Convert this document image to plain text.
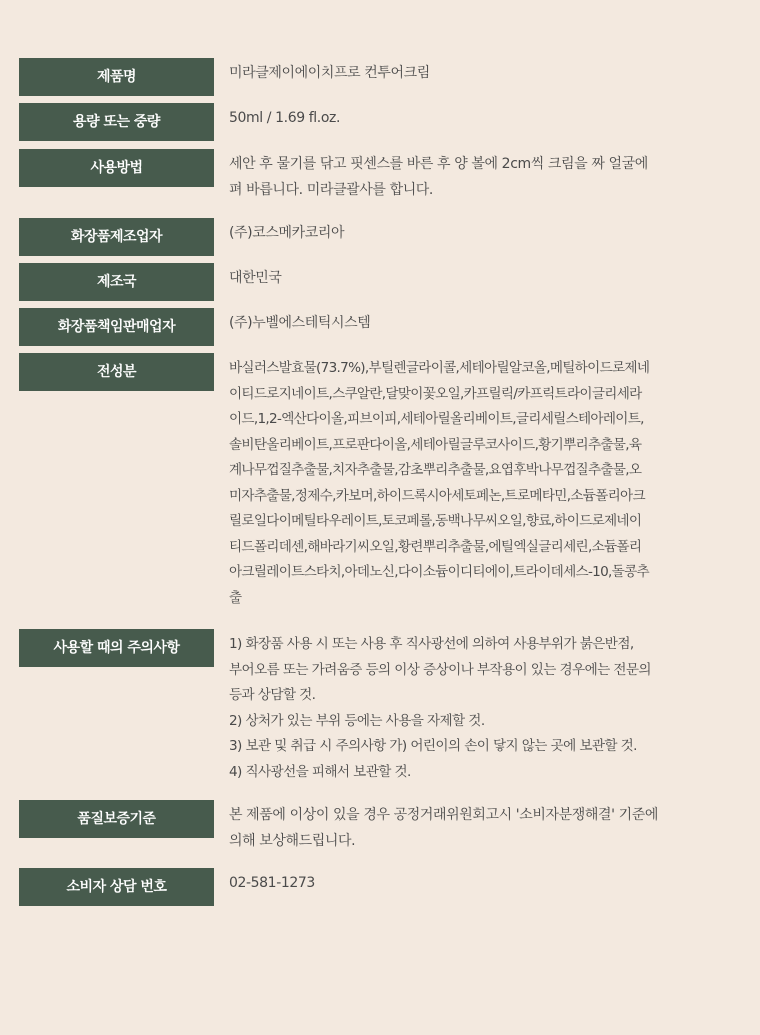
제품명	미라클제이에이치프로 컨투어크림
용량 또는 중량	50ml / 1.69 fl.oz.
사용방법	세안 후 물기를 닦고 핏센스를 바른 후 양 볼에 2cm씩 크림을 짜 얼굴에
펴 바릅니다. 미라클괄사를 합니다.
화장품제조업자	(주)코스메카코리아
제조국	대한민국
화장품책임판매업자	(주)누벨에스테틱시스템
전성분	바실러스발효물(73.7%),부틸렌글라이콜,세테아릴알코올,메틸하이드로제네
이티드로지네이트,스쿠알란,달맞이꽃오일,카프릴릭/카프릭트라이글리세라
이드,1,2-엑산다이올,피브이피,세테아릴올리베이트,글리세릴스테아레이트,
솔비탄올리베이트,프로판다이올,세테아릴글루코사이드,황기뿌리추출물,육
계나무껍질추출물,치자추출물,감초뿌리추출물,요엽후박나무껍질추출물,오
미자추출물,정제수,카보머,하이드록시아세토페논,트로메타민,소듐폴리아크
릴로일다이메틸타우레이트,토코페롤,동백나무씨오일,향료,하이드로제네이
티드폴리데센,해바라기씨오일,황련뿌리추출물,에틸엑실글리세린,소듐폴리
아크릴레이트스타치,아데노신,다이소듐이디티에이,트라이데세스-10,돌콩추
출
사용할 때의 주의사항	1) 화장품 사용 시 또는 사용 후 직사광선에 의하여 사용부위가 붉은반점,
부어오름 또는 가려움증 등의 이상 증상이나 부작용이 있는 경우에는 전문의
등과 상담할 것.
2) 상처가 있는 부위 등에는 사용을 자제할 것.
3) 보관 및 취급 시 주의사항 가) 어린이의 손이 닿지 않는 곳에 보관할 것.
4) 직사광선을 피해서 보관할 것.
품질보증기준	본 제품에 이상이 있을 경우 공정거래위원회고시 '소비자분쟁해결' 기준에
의해 보상해드립니다.
소비자 상담 번호	02-581-1273
